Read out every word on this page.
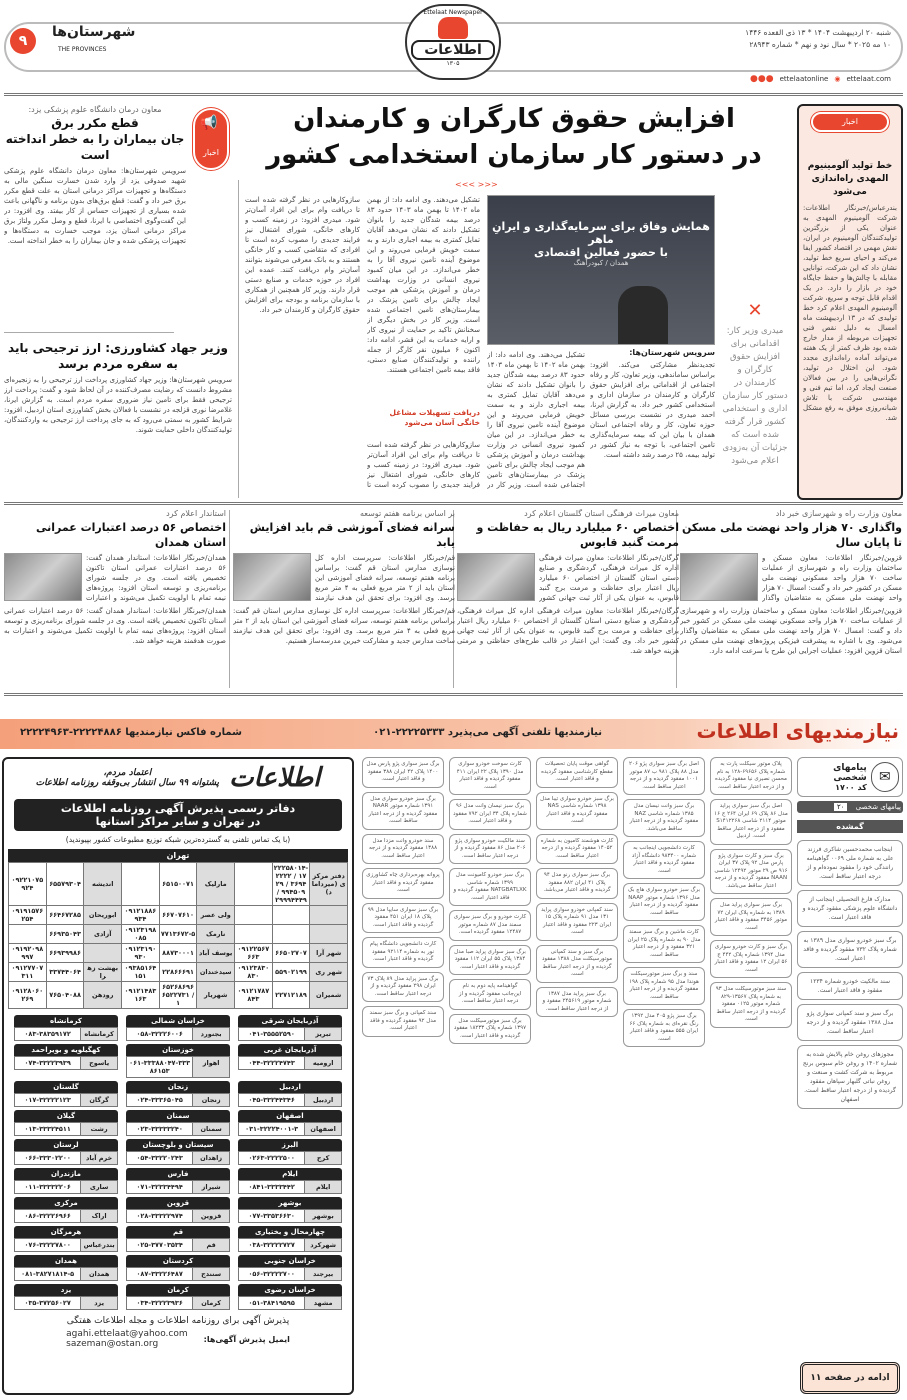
۹
شهرستان‌ها
THE PROVINCES
شنبه ۲۰ اردیبهشت ۱۴۰۴ * ۱۳ ذی القعده ۱۴۴۶
۱۰ مه ۲۰۲۵ * سال نود و نهم * شماره ۲۸۹۴۳
Ettelaat Newspaper
اطلاعات
۱۳۰۵
●●● ettelaatonline ◉ ettelaat.com
اخبار
خط تولید آلومینیوم المهدی راه‌اندازی می‌شود
بندرعباس/خبرنگار اطلاعات: شرکت آلومینیوم المهدی به عنوان یکی از بزرگترین تولیدکنندگان آلومینیوم در ایران، نقش مهمی در اقتصاد کشور ایفا می‌کند و احیای سریع خط تولید، نشان داد که این شرکت، توانایی مقابله با چالش‌ها و حفظ جایگاه خود در بازار را دارد. در یک اقدام قابل توجه و سریع، شرکت آلومینیوم المهدی اعلام کرد خط تولیدی که در ۱۳ اردیبهشت ماه امسال به دلیل نقص فنی تجهیزات مربوطه از مدار خارج شده بود ظرف کمتر از یک هفته می‌تواند آماده راه‌اندازی مجدد شود. این اختلال در تولید، نگرانی‌هایی را در بین فعالان صنعت ایجاد کرد، اما تیم فنی و مهندسی شرکت با تلاش شبانه‌روزی موفق به رفع مشکل شد.
✕
میدری وزیر کار: اقدامانی برای افزایش حقوق کارگران و کارمندان در دستور کار سازمان اداری و استخدامی کشور قرار گرفته شده است که جزئیات آن به‌زودی اعلام می‌شود
افزایش حقوق کارگران و کارمندان
در دستور کار سازمان استخدامی کشور
<<< >>>
همایش وفاق برای سرمایه‌گذاری و ایرانِ ماهر
با حضور فعالین اقتصادی
همدان / کبودرآهنگ
سرویس شهرستان‌ها:
تجدید‌نظر مشارکتی می‌کند. افزود: براساس ساماندهی، وزیر تعاون، کار و رفاه اجتماعی از اقداماتی برای افزایش حقوق کارگران و کارمندان در سازمان اداری و استخدامی کشور خبر داد. به گزارش ایرنا، احمد میدری در نشست بررسی مسائل حوزه تعاون، کار و رفاه اجتماعی استان همدان با بیان این که بیمه سرمایه‌گذاری تامین اجتماعی، با توجه به نیاز کشور در تولید بیمه، ۲۵ درصد رشد داشته است.
تشکیل می‌دهند. وی ادامه داد: از بهمن ماه ۱۴۰۲ تا بهمن ماه ۱۴۰۳ حدود ۸۳ درصد بیمه شدگان جدید را بانوان تشکیل دادند که نشان می‌دهد آقایان تمایل کمتری به بیمه اجباری دارند و به سمت خویش فرمایی می‌روند و این موضوع آینده تامین نیروی آقا را به خطر می‌اندازد. در این میان کمبود نیروی انسانی در وزارت بهداشت درمان و آموزش پزشکی هم موجب ایجاد چالش برای تامین پزشک در بیمارستان‌های تامین اجتماعی شده است. وزیر کار در
تشکیل می‌دهند. وی ادامه داد: از بهمن ماه ۱۴۰۲ تا بهمن ماه ۱۴۰۳ حدود ۸۳ درصد بیمه شدگان جدید را بانوان تشکیل دادند که نشان می‌دهد آقایان تمایل کمتری به بیمه اجباری دارند و به سمت خویش فرمایی می‌روند و این موضوع آینده تامین نیروی آقا را به خطر می‌اندازد. در این میان کمبود نیروی انسانی در وزارت بهداشت درمان و آموزش پزشکی هم موجب ایجاد چالش برای تامین پزشک در بیمارستان‌های تامین اجتماعی شده است. وزیر کار در بخش دیگری از سخنانش تاکید بر حمایت از نیروی کار و ارایه خدمات به این قشر، ادامه داد: اکنون ۶ میلیون نفر کارگر از جمله راننده و تولیدکنندگان صنایع دستی، فاقد بیمه تامین اجتماعی هستند.
دریافت تسهیلات مشاغل خانگی آسان می‌شود
سازوکارهایی در نظر گرفته شده است تا دریافت وام برای این افراد آسان‌تر شود. میدری افزود: در زمینه کسب و کارهای خانگی، شورای اشتغال نیز فرایند جدیدی را مصوب کرده است تا
سازوکارهایی در نظر گرفته شده است تا دریافت وام برای این افراد آسان‌تر شود. میدری افزود: در زمینه کسب و کارهای خانگی، شورای اشتغال نیز فرایند جدیدی را مصوب کرده است تا افرادی که متقاضی کسب و کار خانگی هستند و به بانک معرفی می‌شوند بتوانند آسان‌تر وام دریافت کنند. عمده این افراد در حوزه خدمات و صنایع دستی قرار دارند. وزیر کار همچنین از همکاری با سازمان برنامه و بودجه برای افزایش حقوق کارگران و کارمندان خبر داد.
اخبار
📢
معاون درمان دانشگاه علوم پزشکی یزد:
قطع مکرر برق
جان بیماران را به خطر انداخته است
سرویس شهرستان‌ها: معاون درمان دانشگاه علوم پزشکی شهید صدوقی یزد از وارد شدن خسارت سنگین مالی به دستگاه‌ها و تجهیزات مراکز درمانی استان به علت قطع مکرر برق خبر داد و گفت: قطع برق‌های بدون برنامه و ناگهانی باعث شده بسیاری از تجهیزات حساس از کار بیفتد. وی افزود: در این گفت‌وگوی اختصاصی با ایرنا، قطع و وصل مکرر ولتاژ برق مراکز درمانی استان یزد، موجب خسارت به دستگاه‌ها و تجهیزات پزشکی شده و جان بیماران را به خطر انداخته است.
وزیر جهاد کشاورزی: ارز ترجیحی باید
به سفره مردم برسد
سرویس شهرستان‌ها: وزیر جهاد کشاورزی پرداخت ارز ترجیحی را به زنجیره‌ای مشروط دانست که رضایت مصرف‌کننده در آن لحاظ شود و گفت: پرداخت ارز ترجیحی فقط برای تامین نیاز ضروری سفره مردم است. به گزارش ایرنا، غلامرضا نوری قزلجه در نشست با فعالان بخش کشاورزی استان اردبیل، افزود: شرایط کشور به سمتی می‌رود که به جای پرداخت ارز ترجیحی به واردکنندگان، تولیدکنندگان داخلی حمایت شوند.
معاون وزارت راه و شهرسازی خبر داد
واگذاری ۷۰ هزار واحد نهضت ملی مسکن تا پایان سال
قزوین/خبرنگار اطلاعات: معاون مسکن و ساختمان وزارت راه و شهرسازی از عملیات ساخت ۷۰ هزار واحد مسکونی نهضت ملی مسکن در کشور خبر داد و گفت: امسال ۷۰ هزار واحد نهضت ملی مسکن به متقاضیان واگذار
قزوین/خبرنگار اطلاعات: معاون مسکن و ساختمان وزارت راه و شهرسازی از عملیات ساخت ۷۰ هزار واحد مسکونی نهضت ملی مسکن در کشور خبر داد و گفت: امسال ۷۰ هزار واحد نهضت ملی مسکن به متقاضیان واگذار می‌شود. وی با اشاره به پیشرفت فیزیکی پروژه‌های نهضت ملی مسکن در استان قزوین افزود: عملیات اجرایی این طرح با سرعت ادامه دارد.
معاون میراث فرهنگی استان گلستان اعلام کرد
اختصاص ۶۰ میلیارد ریال به حفاظت و مرمت گنبد قابوس
گرگان/خبرنگار اطلاعات: معاون میراث فرهنگی اداره کل میراث فرهنگی، گردشگری و صنایع دستی استان گلستان از اختصاص ۶۰ میلیارد ریال اعتبار برای حفاظت و مرمت برج گنبد قابوس، به عنوان یکی از آثار ثبت جهانی کشور
گرگان/خبرنگار اطلاعات: معاون میراث فرهنگی اداره کل میراث فرهنگی، گردشگری و صنایع دستی استان گلستان از اختصاص ۶۰ میلیارد ریال اعتبار برای حفاظت و مرمت برج گنبد قابوس، به عنوان یکی از آثار ثبت جهانی کشور خبر داد. وی گفت: این اعتبار در قالب طرح‌های حفاظتی و مرمتی هزینه خواهد شد.
بر اساس برنامه هفتم توسعه
سرانه فضای آموزشی قم باید افزایش یابد
قم/خبرنگار اطلاعات: سرپرست اداره کل نوسازی مدارس استان قم گفت: براساس برنامه هفتم توسعه، سرانه فضای آموزشی این استان باید از ۲ متر مربع فعلی به ۴ متر مربع برسد. وی افزود: برای تحقق این هدف نیازمند
قم/خبرنگار اطلاعات: سرپرست اداره کل نوسازی مدارس استان قم گفت: براساس برنامه هفتم توسعه، سرانه فضای آموزشی این استان باید از ۲ متر مربع فعلی به ۴ متر مربع برسد. وی افزود: برای تحقق این هدف نیازمند ساخت مدارس جدید و مشارکت خیرین مدرسه‌ساز هستیم.
استاندار اعلام کرد
اختصاص ۵۶ درصد اعتبارات عمرانی استان همدان
همدان/خبرنگار اطلاعات: استاندار همدان گفت: ۵۶ درصد اعتبارات عمرانی استان تاکنون تخصیص یافته است. وی در جلسه شورای برنامه‌ریزی و توسعه استان افزود: پروژه‌های نیمه تمام با اولویت تکمیل می‌شوند و اعتبارات
همدان/خبرنگار اطلاعات: استاندار همدان گفت: ۵۶ درصد اعتبارات عمرانی استان تاکنون تخصیص یافته است. وی در جلسه شورای برنامه‌ریزی و توسعه استان افزود: پروژه‌های نیمه تمام با اولویت تکمیل می‌شوند و اعتبارات به صورت هدفمند هزینه خواهد شد.
نیازمندیهای اطلاعات
نیازمندیها تلفنی آگهی می‌پذیرد ۲۲۲۲۵۳۳۳-۰۲۱
شماره فاکس نیازمندیها ۲۲۲۲۴۸۸۶-۲۲۲۲۴۹۶۳
اطلاعات
اعتماد مردم،
پشتوانه ۹۹ سال انتشار بی‌وقفه روزنامه اطلاعات
دفاتر رسمی پذیرش آگهی روزنامه اطلاعات
در تهران و سایر مراکز استانها
(با یک تماس تلفنی به گسترده‌ترین شبکه توزیع مطبوعات کشور بپیوندید)
تهران
دفتر مرکزی (میرداماد)	۲۲۲۵۸۰۱۴-۱۷ / ۲۲۲۲۳۶۹۴ / ۲۹۹۹۴۵۰۹ / ۲۹۹۹۴۴۴۹		مارلیک	۶۵۱۵۰۰۷۱		اندیشه	۶۵۵۷۹۳۰۴	۰۹۲۲۱۰۷۵۹۲۴
			ولی عصر	۶۶۷۰۷۶۱۰	۰۹۱۲۱۸۸۶۹۳۴	ابوریحان	۶۶۴۶۷۲۸۵	۰۹۱۹۱۵۷۶۲۵۴
			نارمک	۷۷۱۳۶۷۲-۵	۰۹۱۲۳۱۹۸۰۸۵	آزادی	۶۶۹۳۵۰۴۳	
شهر آرا	۶۶۵۰۲۷۰۷	۰۹۱۲۲۵۶۷۶۶۳	یوسف آباد	۸۸۷۳۰۰۰۱	۰۹۱۲۳۱۹۰۹۳۰		۶۶۹۳۹۹۸۶	۰۹۱۹۲۰۹۸۹۹۷
شهر ری	۵۵۹۰۲۱۹۹	۰۹۱۲۳۸۳۰۸۳۰	سیدخندان	۲۲۸۶۶۶۹۱	۰۹۳۸۵۱۶۴۱۵۱	بهشت زهرا	۳۳۷۴۴۰۶۴	۰۹۱۲۷۷۰۷۳۱۱
شمیران	۲۲۷۱۲۱۸۹	۰۹۱۲۱۷۸۷۸۴۳	شهریار	۶۵۲۶۸۶۹۶ / ۶۵۲۲۷۳۱۱	۰۹۱۲۱۴۸۳۱۶۳	رودهن	۷۶۵۰۴۰۸۸	۰۹۱۲۸۰۶۰۲۶۹
آذربایجان شرقی
تبریز
۰۴۱-۳۵۵۵۲۵۹۰
خراسان شمالی
بجنورد
۰۵۸-۳۲۲۲۶۰۰۶
کرمانشاه
کرمانشاه
۰۸۳-۳۸۳۵۹۱۷۲
آذربایجان غربی
ارومیه
۰۴۴-۳۲۲۲۴۷۴۳
خوزستان
اهواز
۰۶۱-۳۳۳۸۸۰۴۷-۳۳۳۸۶۱۵۳
کهگیلویه و بویراحمد
یاسوج
۰۷۴-۳۳۲۲۳۹۳۹
اردبیل
اردبیل
۰۴۵-۳۳۲۴۴۳۴۶
زنجان
زنجان
۰۲۴-۳۳۳۶۵۰۴۵
گلستان
گرگان
۰۱۷-۳۲۲۲۲۱۲۳
اصفهان
اصفهان
۰۳۱-۳۲۲۲۴۰۰۱-۳
سمنان
سمنان
۰۲۳-۳۳۳۳۳۲۴۰
گیلان
رشت
۰۱۳-۳۳۳۲۴۵۱۱
البرز
کرج
۰۲۶۳-۲۲۲۲۵۰۰
سیستان و بلوچستان
زاهدان
۰۵۴-۳۳۲۲۰۲۴۳
لرستان
خرم آباد
۰۶۶-۳۳۳۰۲۲۰۰
ایلام
ایلام
۰۸۴۱-۳۳۳۳۴۴۲
فارس
شیراز
۰۷۱-۳۲۳۳۴۴۹۴
مازندران
ساری
۰۱۱-۳۳۳۳۲۲۰۶
بوشهر
بوشهر
۰۷۷-۳۳۵۳۶۶۳۰
قزوین
قزوین
۰۲۸-۳۳۳۲۲۹۷۴
مرکزی
اراک
۰۸۶-۳۲۲۲۶۹۶۶
چهارمحال و بختیاری
شهرکرد
۰۳۸-۳۲۲۲۲۷۲۷
قم
قم
۰۲۵-۳۷۷۰۳۵۳۴
هرمزگان
بندرعباس
۰۷۶-۳۲۲۲۷۸۰۰
خراسان جنوبی
بیرجند
۰۵۶-۳۲۲۲۲۷۰۰
کردستان
سنندج
۰۸۷-۳۳۲۲۶۴۸۷
همدان
همدان
۰۸۱-۳۸۲۷۱۸۱۴-۵
خراسان رضوی
مشهد
۰۵۱-۳۸۴۱۹۵۹۵
کرمان
کرمان
۰۳۴-۳۲۲۲۳۹۳۶
یزد
یزد
۰۳۵-۳۷۲۵۶۰۲۷
پذیرش آگهی برای روزنامه اطلاعات و مجله اطلاعات هفتگی
ایمیل پذیرش آگهی‌ها:
agahi.ettelaat@yahoo.com
sazeman@ostan.org
پلاک موتور سیکلت پارت به شماره پلاک ۶۹۶۵۶-۱۲۸ به نام محسن نصیری نیا مفقود گردیده و از درجه اعتبار ساقط است.
اصل برگ سبز سواری پراید مدل ۸۶ پلاک ۶۹ ایران ۲۶۴ ج ۱۶ موتور ۲۱۱۴ شاسی S۱۴۱۲۲۶۸ مفقود و از درجه اعتبار ساقط است. اردبیل
برگ سبز و کارت سواری پژو پارس مدل ۹۲ پلاک ۳۷ ایران ۹۱۶ ص ۲۹ موتور ۱۲۴۹۲ شاسی NAAN مفقود گردیده و از درجه اعتبار ساقط می‌باشد.
برگ سبز سواری پراید مدل ۱۳۸۹ به شماره پلاک ایران ۷۲ موتور ۳۴۵۶ مفقود و فاقد اعتبار است.
برگ سبز و کارت خودرو سواری مدل ۱۳۹۴ شماره پلاک ۴۴۲ ج ۵۶ ایران ۱۲ مفقود و فاقد اعتبار است.
سند سبز موتورسیکلت مدل ۹۳ به شماره پلاک ۱۳۵۶۷-۸۲۹ شماره موتور ۰۱۲۵ مفقود گردیده و از درجه اعتبار ساقط است.
اصل برگ سبز سواری پژو ۲۰۶ مدل ۸۸ پلاک ۹۸۱ ب ۸۷ موتور ۱۰۰۱ مفقود گردیده و از درجه اعتبار ساقط است.
برگ سبز وانت نیسان مدل ۱۳۸۵ شماره شاسی NAZ مفقود گردیده و از درجه اعتبار ساقط می‌باشد.
کارت دانشجویی اینجانب به شماره ۹۸۳۴۰۰ دانشگاه آزاد مفقود گردیده و فاقد اعتبار است.
برگ سبز خودرو سواری هاچ بک مدل ۱۳۹۶ شماره موتور NAAP مفقود گردیده و از درجه اعتبار ساقط است.
کارت ماشین و برگ سبز سمند مدل ۹۰ به شماره پلاک ۲۵ ایران ۳۲۱ مفقود و از درجه اعتبار ساقط است.
سند و برگ سبز موتورسیکلت هوندا مدل ۹۵ شماره پلاک ۱۹۸ مفقود گردیده و از درجه اعتبار ساقط است.
برگ سبز پژو ۴۰۵ مدل ۱۳۹۲ رنگ نقره‌ای به شماره پلاک ۶۶ ایران ۵۵۵ مفقود و فاقد اعتبار است.
گواهی موقت پایان تحصیلات مقطع کارشناسی مفقود گردیده و فاقد اعتبار است.
برگ سبز خودرو سواری تیبا مدل ۱۳۹۸ شماره شاسی NAS مفقود گردیده و فاقد اعتبار است.
کارت هوشمند کامیون به شماره ۱۴۰۵۲ مفقود گردیده و از درجه اعتبار ساقط است.
برگ سبز سواری رنو مدل ۹۴ پلاک ۴۱ ایران ۸۸۲ مفقود گردیده و فاقد اعتبار می‌باشد.
سند کمپانی خودرو سواری پراید ۱۳۱ مدل ۹۱ شماره پلاک ۱۵ ایران ۲۲۳ مفقود و فاقد اعتبار است.
برگ سبز و سند کمپانی موتورسیکلت مدل ۱۳۸۸ مفقود گردیده و از درجه اعتبار ساقط است.
برگ سبز پراید مدل ۱۳۸۷ شماره موتور ۲۴۵۶۱۹ مفقود و از درجه اعتبار ساقط است.
کارت سوخت خودرو سواری مدل ۱۳۹۰ پلاک ۲۲ ایران ۴۱۱ مفقود گردیده و فاقد اعتبار است.
برگ سبز نیسان وانت مدل ۹۶ شماره پلاک ۳۴ ایران ۷۹۲ مفقود و فاقد اعتبار است.
سند مالکیت خودرو سواری پژو ۲۰۶ مدل ۸۶ مفقود گردیده و از درجه اعتبار ساقط است.
برگ سبز خودرو کامیونت مدل ۱۳۹۹ شماره شاسی NATGBATLXK مفقود گردیده و فاقد اعتبار است.
کارت خودرو و برگ سبز سواری سمند مدل ۸۷ شماره موتور ۱۲۴۸۷ مفقود گردیده است.
برگ سبز سواری پراید صبا مدل ۱۳۸۴ پلاک ۵۵ ایران ۱۱۲ مفقود گردیده و فاقد اعتبار است.
گواهینامه پایه دوم به نام این‌جانب مفقود گردیده و از درجه اعتبار ساقط است.
برگ سبز موتورسیکلت مدل ۱۳۹۷ شماره پلاک ۱۸۲۳۳ مفقود گردیده و فاقد اعتبار است.
برگ سبز سواری پژو پارس مدل ۱۴۰۰ پلاک ۴۲ ایران ۳۸۸ مفقود و فاقد اعتبار است.
برگ سبز خودرو سواری مدل ۱۳۹۱ شماره موتور NAAR مفقود گردیده و از درجه اعتبار ساقط است.
سند خودرو وانت مزدا مدل ۱۳۸۸ مفقود گردیده و از درجه اعتبار ساقط است.
پروانه بهره‌برداری چاه کشاورزی مفقود گردیده و فاقد اعتبار است.
برگ سبز سواری سایپا مدل ۹۹ پلاک ۱۸ ایران ۴۵۱ مفقود گردیده و فاقد اعتبار است.
کارت دانشجویی دانشگاه پیام نور به شماره ۹۲۱۱۴ مفقود گردیده و فاقد اعتبار است.
برگ سبز پراید مدل ۸۹ پلاک ۷۳ ایران ۲۹۸ مفقود گردیده و از درجه اعتبار ساقط است.
سند کمپانی و برگ سبز سمند مدل ۹۲ مفقود گردیده و فاقد اعتبار است.
✉
پیامهای شخصی
کد ۱۷۰۰
پیامهای شخصی ۲۰
گمشده
اینجانب محمدحسین شاکری فرزند علی به شماره ملی ۰۰۶۹ گواهینامه رانندگی خود را مفقود نموده‌ام و از درجه اعتبار ساقط است.
مدارک فارغ التحصیلی اینجانب از دانشگاه علوم پزشکی مفقود گردیده و فاقد اعتبار است.
برگ سبز خودرو سواری مدل ۱۳۸۹ به شماره پلاک ۷۳۲ مفقود گردیده و فاقد اعتبار است.
سند مالکیت خودرو شماره ۱۲۳۴ مفقود و فاقد اعتبار است.
برگ سبز و سند کمپانی سواری پژو مدل ۱۳۸۸ مفقود گردیده و از درجه اعتبار ساقط است.
مجوزهای روغن خام پالایش شده به شماره ۱۴۰۲ و روغن خام سبوس برنج مربوط به شرکت کشت و صنعت و روغن نباتی گلبهار سپاهان مفقود گردیده و از درجه اعتبار ساقط است. اصفهان
ادامه در صفحه ۱۱
